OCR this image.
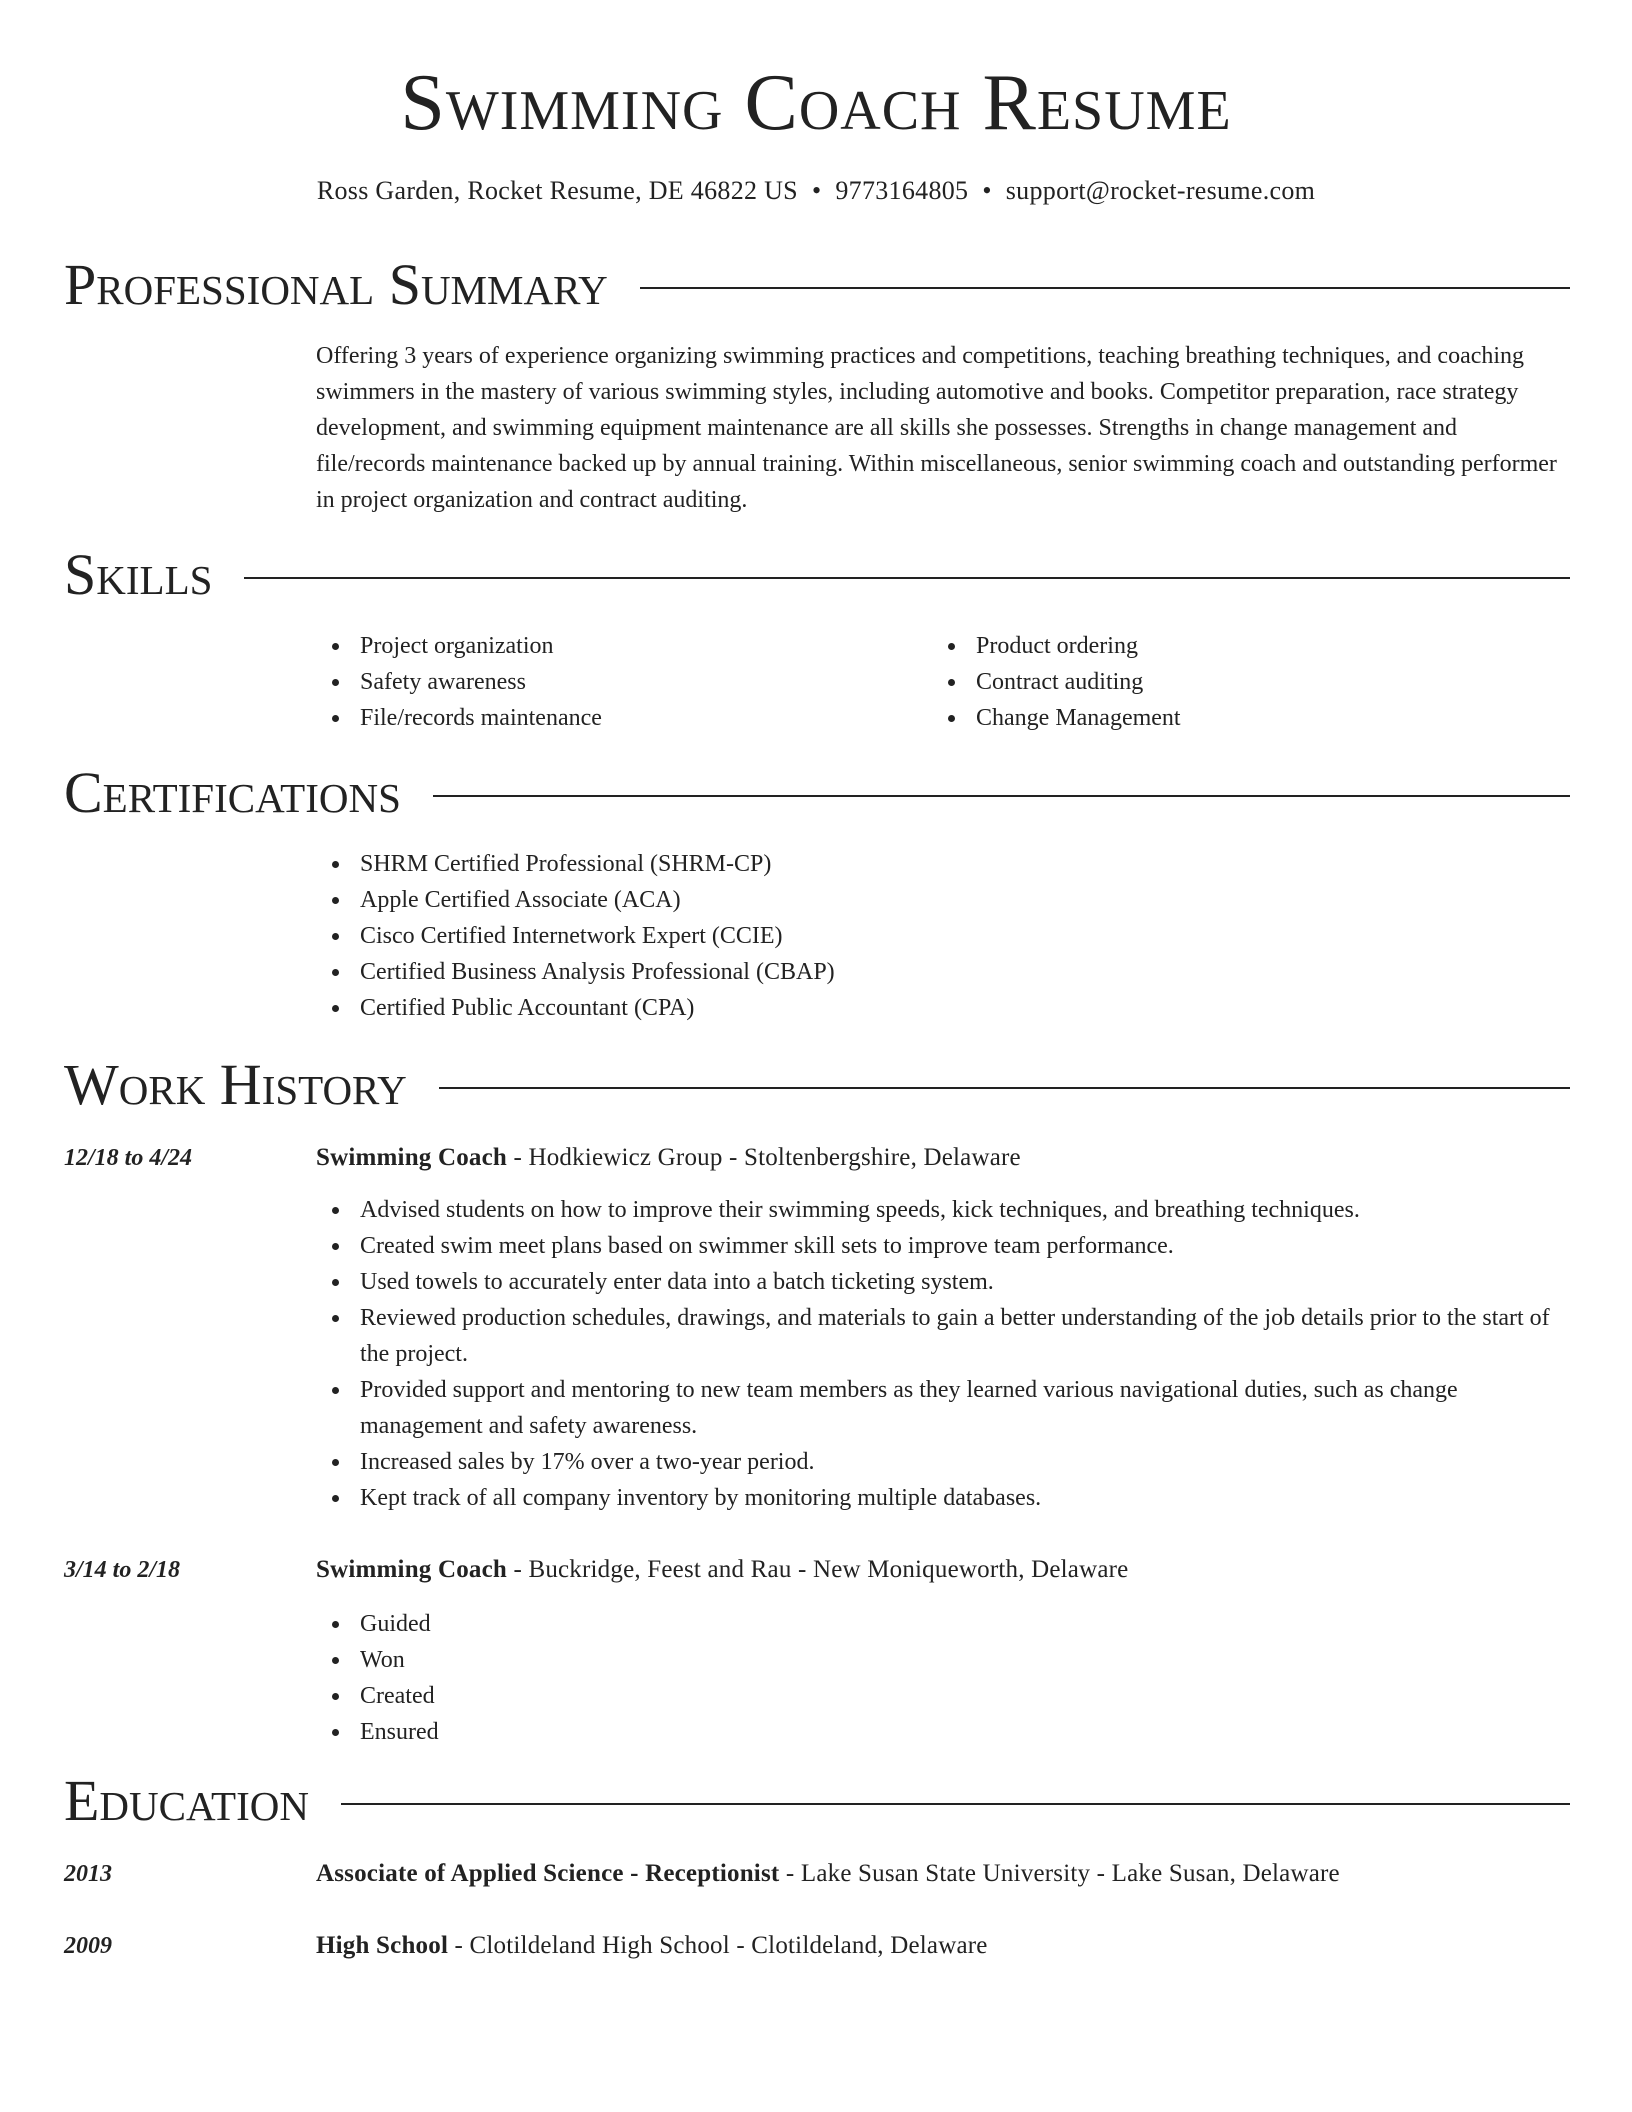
Swimming Coach Resume
Ross Garden, Rocket Resume, DE 46822 US • 9773164805 • support@rocket-resume.com
Professional Summary

Offering 3 years of experience organizing swimming practices and competitions, teaching breathing techniques, and coaching swimmers in the mastery of various swimming styles, including automotive and books. Competitor preparation, race strategy development, and swimming equipment maintenance are all skills she possesses. Strengths in change management and file/records maintenance backed up by annual training. Within miscellaneous, senior swimming coach and outstanding performer in project organization and contract auditing.

Skills
Project organization
Safety awareness
File/records maintenance
Product ordering
Contract auditing
Change Management
Certifications
SHRM Certified Professional (SHRM-CP)
Apple Certified Associate (ACA)
Cisco Certified Internetwork Expert (CCIE)
Certified Business Analysis Professional (CBAP)
Certified Public Accountant (CPA)
Work History
12/18 to 4/24	Swimming Coach - Hodkiewicz Group - Stoltenbergshire, Delaware
Advised students on how to improve their swimming speeds, kick techniques, and breathing techniques.
Created swim meet plans based on swimmer skill sets to improve team performance.
Used towels to accurately enter data into a batch ticketing system.
Reviewed production schedules, drawings, and materials to gain a better understanding of the job details prior to the start of the project.
Provided support and mentoring to new team members as they learned various navigational duties, such as change management and safety awareness.
Increased sales by 17% over a two-year period.
Kept track of all company inventory by monitoring multiple databases.
3/14 to 2/18	Swimming Coach - Buckridge, Feest and Rau - New Moniqueworth, Delaware
Guided
Won
Created
Ensured
Education
2013	Associate of Applied Science - Receptionist - Lake Susan State University - Lake Susan, Delaware
2009	High School - Clotildeland High School - Clotildeland, Delaware
